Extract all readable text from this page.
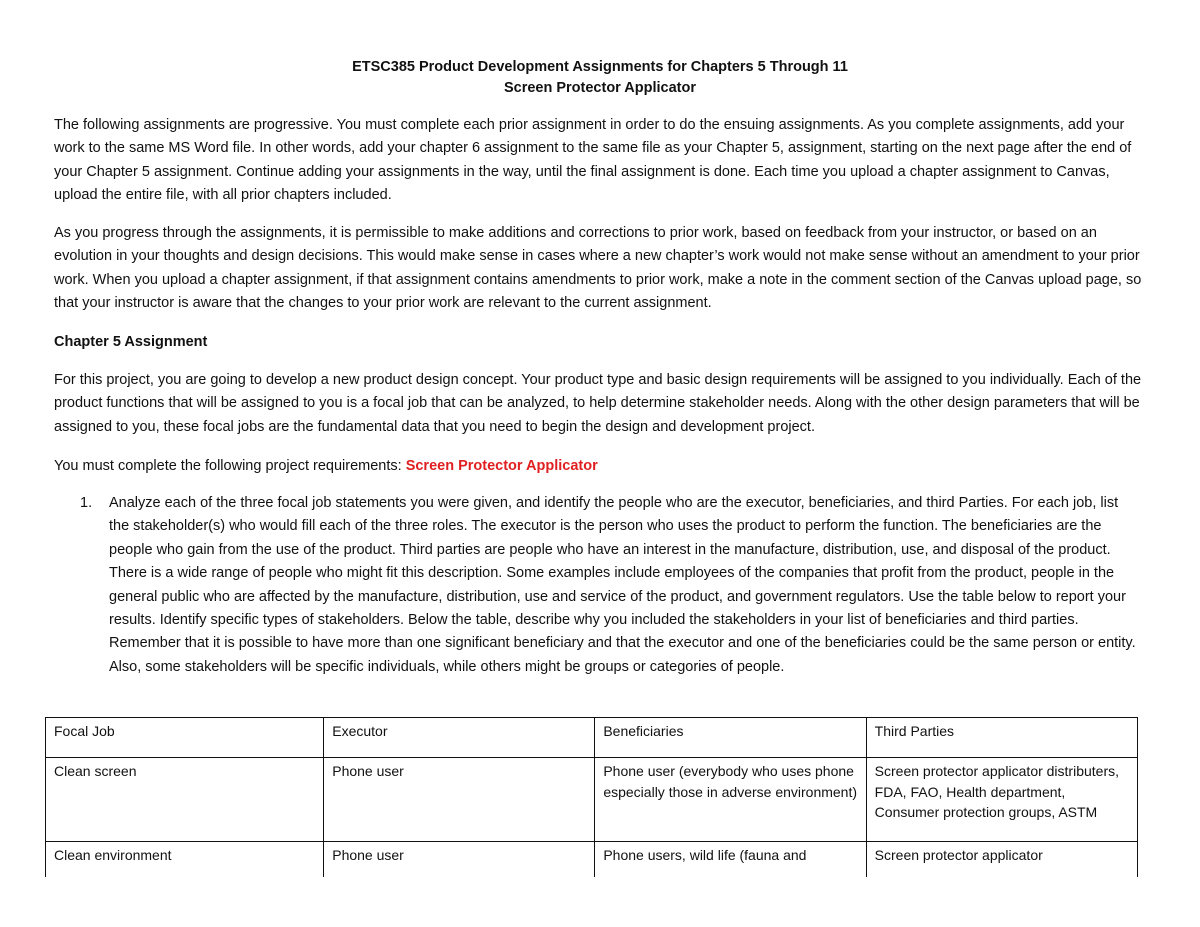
ETSC385 Product Development Assignments for Chapters 5 Through 11
Screen Protector Applicator

The following assignments are progressive. You must complete each prior assignment in order to do the ensuing assignments. As you complete assignments, add your work to the same MS Word file. In other words, add your chapter 6 assignment to the same file as your Chapter 5, assignment, starting on the next page after the end of your Chapter 5 assignment. Continue adding your assignments in the way, until the final assignment is done. Each time you upload a chapter assignment to Canvas, upload the entire file, with all prior chapters included.

As you progress through the assignments, it is permissible to make additions and corrections to prior work, based on feedback from your instructor, or based on an evolution in your thoughts and design decisions. This would make sense in cases where a new chapter’s work would not make sense without an amendment to your prior work. When you upload a chapter assignment, if that assignment contains amendments to prior work, make a note in the comment section of the Canvas upload page, so that your instructor is aware that the changes to your prior work are relevant to the current assignment.

Chapter 5 Assignment

For this project, you are going to develop a new product design concept. Your product type and basic design requirements will be assigned to you individually. Each of the product functions that will be assigned to you is a focal job that can be analyzed, to help determine stakeholder needs. Along with the other design parameters that will be assigned to you, these focal jobs are the fundamental data that you need to begin the design and development project.

You must complete the following project requirements: Screen Protector Applicator

1.	Analyze each of the three focal job statements you were given, and identify the people who are the executor, beneficiaries, and third Parties. For each job, list the stakeholder(s) who would fill each of the three roles. The executor is the person who uses the product to perform the function. The beneficiaries are the people who gain from the use of the product. Third parties are people who have an interest in the manufacture, distribution, use, and disposal of the product. There is a wide range of people who might fit this description. Some examples include employees of the companies that profit from the product, people in the general public who are affected by the manufacture, distribution, use and service of the product, and government regulators. Use the table below to report your results. Identify specific types of stakeholders. Below the table, describe why you included the stakeholders in your list of beneficiaries and third parties. Remember that it is possible to have more than one significant beneficiary and that the executor and one of the beneficiaries could be the same person or entity. Also, some stakeholders will be specific individuals, while others might be groups or categories of people.
Focal Job	Executor	Beneficiaries	Third Parties
Clean screen	Phone user	Phone user (everybody who uses phone especially those in adverse environment)	Screen protector applicator distributers, FDA, FAO, Health department, Consumer protection groups, ASTM
Clean environment	Phone user	Phone users, wild life (fauna and	Screen protector applicator
